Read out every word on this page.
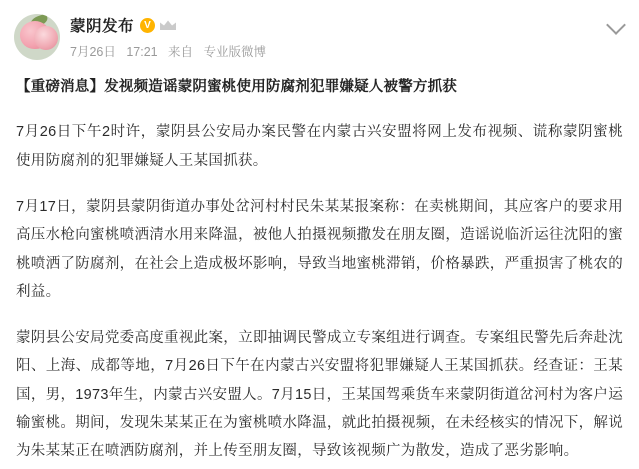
蒙阴发布	V
7月26日 17:21 来自 专业版微博
【重磅消息】发视频造谣蒙阴蜜桃使用防腐剂犯罪嫌疑人被警方抓获
7月26日下午2时许，蒙阴县公安局办案民警在内蒙古兴安盟将网上发布视频、谎称蒙阴蜜桃使用防腐剂的犯罪嫌疑人王某国抓获。
7月17日，蒙阴县蒙阴街道办事处岔河村村民朱某某报案称：在卖桃期间，其应客户的要求用高压水枪向蜜桃喷洒清水用来降温，被他人拍摄视频撒发在朋友圈，造谣说临沂运往沈阳的蜜桃喷洒了防腐剂，在社会上造成极坏影响，导致当地蜜桃滞销，价格暴跌，严重损害了桃农的利益。
蒙阴县公安局党委高度重视此案，立即抽调民警成立专案组进行调查。专案组民警先后奔赴沈阳、上海、成都等地，7月26日下午在内蒙古兴安盟将犯罪嫌疑人王某国抓获。经查证：王某国，男，1973年生，内蒙古兴安盟人。7月15日，王某国驾乘货车来蒙阴街道岔河村为客户运输蜜桃。期间，发现朱某某正在为蜜桃喷水降温，就此拍摄视频，在未经核实的情况下，解说为朱某某正在喷洒防腐剂，并上传至朋友圈，导致该视频广为散发，造成了恶劣影响。
